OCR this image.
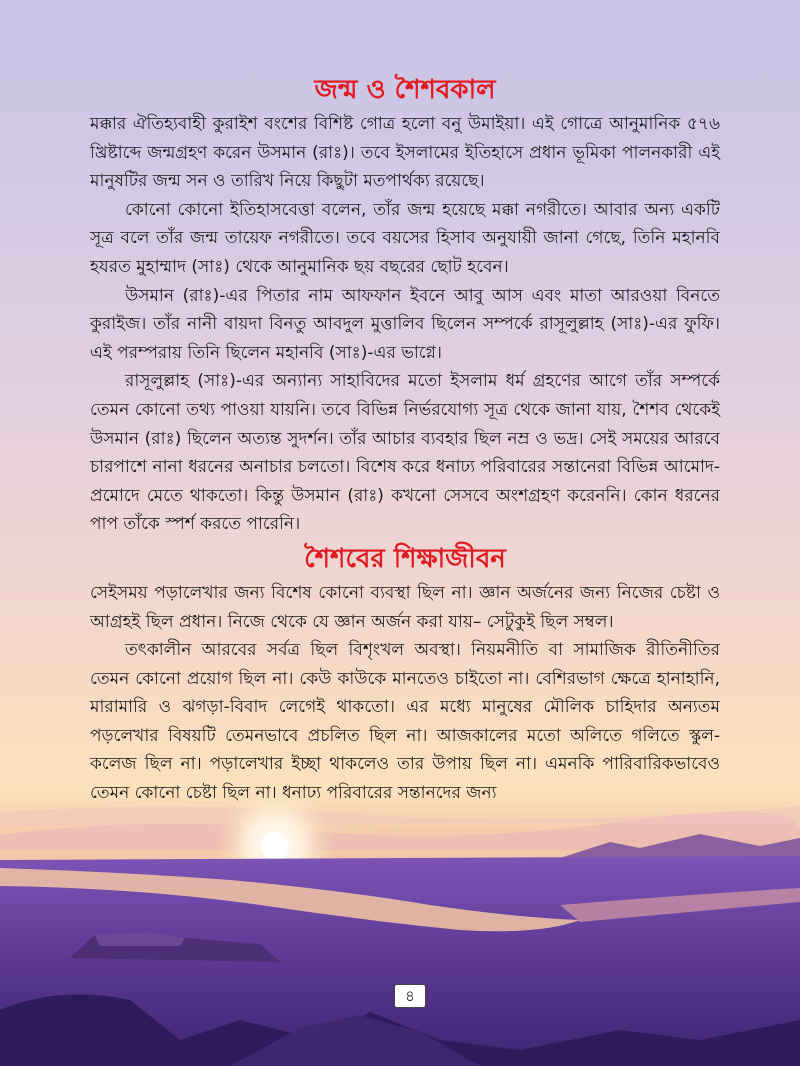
জন্ম ও শৈশবকাল

মক্কার ঐতিহ্যবাহী কুরাইশ বংশের বিশিষ্ট গোত্র হলো বনু উমাইয়া। এই গোত্রে আনুমানিক ৫৭৬ খ্রিষ্টাব্দে জন্মগ্রহণ করেন উসমান (রাঃ)। তবে ইসলামের ইতিহাসে প্রধান ভূমিকা পালনকারী এই মানুষটির জন্ম সন ও তারিখ নিয়ে কিছুটা মতপার্থক্য রয়েছে।

কোনো কোনো ইতিহাসবেত্তা বলেন, তাঁর জন্ম হয়েছে মক্কা নগরীতে। আবার অন্য একটি সূত্র বলে তাঁর জন্ম তায়েফ নগরীতে। তবে বয়সের হিসাব অনুযায়ী জানা গেছে, তিনি মহানবি হযরত মুহাম্মাদ (সাঃ) থেকে আনুমানিক ছয় বছরের ছোট হবেন।

উসমান (রাঃ)-এর পিতার নাম আফফান ইবনে আবু আস এবং মাতা আরওয়া বিনতে কুরাইজ। তাঁর নানী বায়দা বিনতু আবদুল মুত্তালিব ছিলেন সম্পর্কে রাসূলুল্লাহ (সাঃ)-এর ফুফি। এই পরম্পরায় তিনি ছিলেন মহানবি (সাঃ)-এর ভাগ্নে।

রাসূলুল্লাহ (সাঃ)-এর অন্যান্য সাহাবিদের মতো ইসলাম ধর্ম গ্রহণের আগে তাঁর সম্পর্কে তেমন কোনো তথ্য পাওয়া যায়নি। তবে বিভিন্ন নির্ভরযোগ্য সূত্র থেকে জানা যায়, শৈশব থেকেই উসমান (রাঃ) ছিলেন অত্যন্ত সুদর্শন। তাঁর আচার ব্যবহার ছিল নম্র ও ভদ্র। সেই সময়ের আরবে চারপাশে নানা ধরনের অনাচার চলতো। বিশেষ করে ধনাঢ্য পরিবারের সন্তানেরা বিভিন্ন আমোদ-প্রমোদে মেতে থাকতো। কিন্তু উসমান (রাঃ) কখনো সেসবে অংশগ্রহণ করেননি। কোন ধরনের পাপ তাঁকে স্পর্শ করতে পারেনি।

শৈশবের শিক্ষাজীবন

সেইসময় পড়ালেখার জন্য বিশেষ কোনো ব্যবস্থা ছিল না। জ্ঞান অর্জনের জন্য নিজের চেষ্টা ও আগ্রহই ছিল প্রধান। নিজে থেকে যে জ্ঞান অর্জন করা যায়– সেটুকুই ছিল সম্বল।

তৎকালীন আরবের সর্বত্র ছিল বিশৃংখল অবস্থা। নিয়মনীতি বা সামাজিক রীতিনীতির তেমন কোনো প্রয়োগ ছিল না। কেউ কাউকে মানতেও চাইতো না। বেশিরভাগ ক্ষেত্রে হানাহানি, মারামারি ও ঝগড়া-বিবাদ লেগেই থাকতো। এর মধ্যে মানুষের মৌলিক চাহিদার অন্যতম পড়লেখার বিষয়টি তেমনভাবে প্রচলিত ছিল না। আজকালের মতো অলিতে গলিতে স্কুল-কলেজ ছিল না। পড়ালেখার ইচ্ছা থাকলেও তার উপায় ছিল না। এমনকি পারিবারিকভাবেও তেমন কোনো চেষ্টা ছিল না। ধনাঢ্য পরিবারের সন্তানদের জন্য

৪
